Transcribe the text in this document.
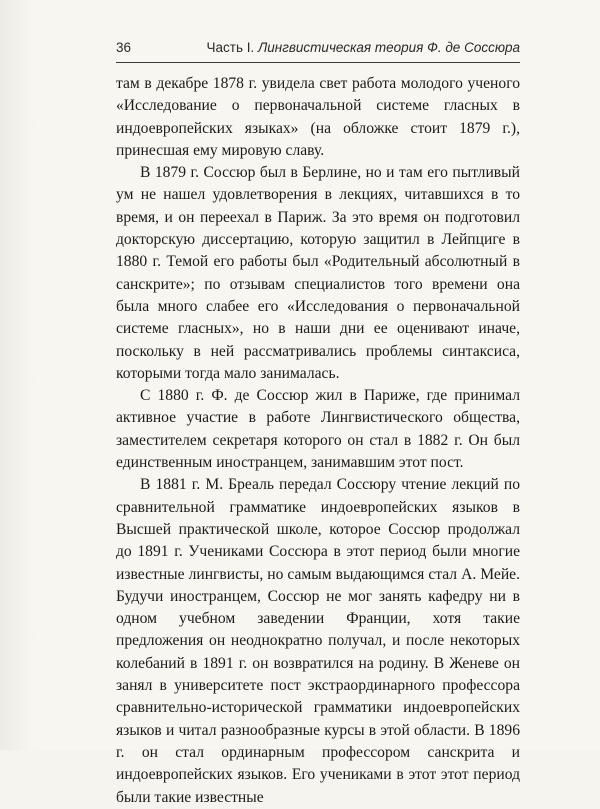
36	Часть I. Лингвистическая теория Ф. де Соссюра

там в декабре 1878 г. увидела свет работа молодого ученого «Исследование о первоначальной системе гласных в индоевропейских языках» (на обложке стоит 1879 г.), принесшая ему мировую славу.

В 1879 г. Соссюр был в Берлине, но и там его пытливый ум не нашел удовлетворения в лекциях, читавшихся в то время, и он переехал в Париж. За это время он подготовил докторскую диссертацию, которую защитил в Лейпциге в 1880 г. Темой его работы был «Родительный абсолютный в санскрите»; по отзывам специалистов того времени она была много слабее его «Исследования о первоначальной системе гласных», но в наши дни ее оценивают иначе, поскольку в ней рассматривались проблемы синтаксиса, которыми тогда мало занималась.

С 1880 г. Ф. де Соссюр жил в Париже, где принимал активное участие в работе Лингвистического общества, заместителем секретаря которого он стал в 1882 г. Он был единственным иностранцем, занимавшим этот пост.

В 1881 г. М. Бреаль передал Соссюру чтение лекций по сравнительной грамматике индоевропейских языков в Высшей практической школе, которое Соссюр продолжал до 1891 г. Учениками Соссюра в этот период были многие известные лингвисты, но самым выдающимся стал А. Мейе. Будучи иностранцем, Соссюр не мог занять кафедру ни в одном учебном заведении Франции, хотя такие предложения он неоднократно получал, и после некоторых колебаний в 1891 г. он возвратился на родину. В Женеве он занял в университете пост экстраординарного профессора сравнительно-исторической грамматики индоевропейских языков и читал разнообразные курсы в этой области. В 1896 г. он стал ординарным профессором санскрита и индоевропейских языков. Его учениками в этот этот период были такие известные
